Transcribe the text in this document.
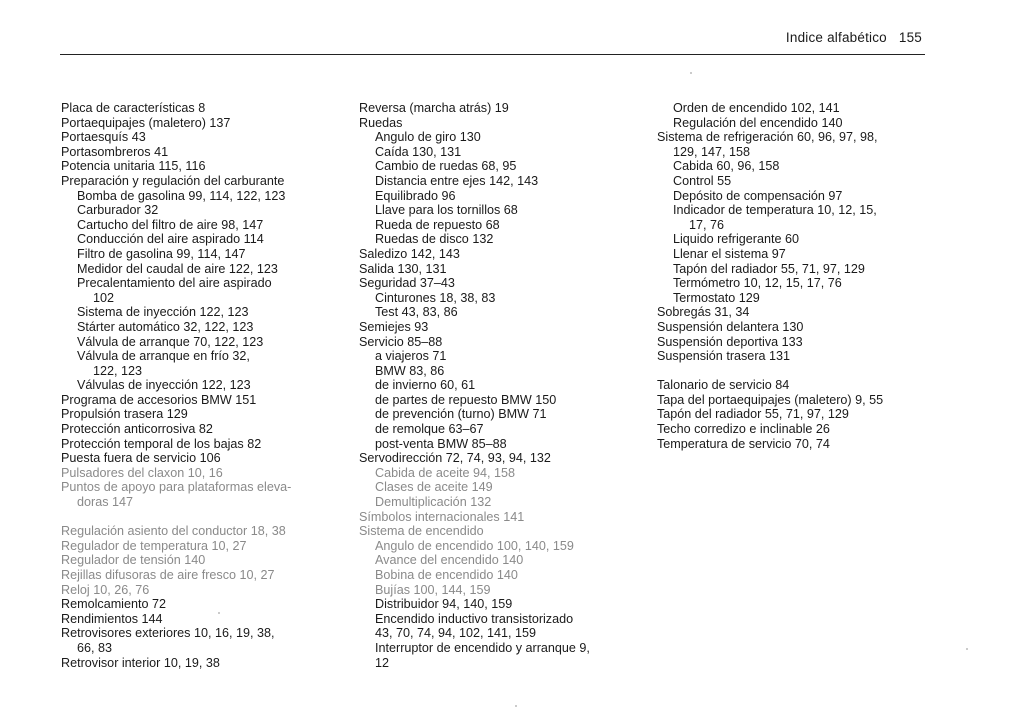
Indice alfabético 155
Placa de características 8
Portaequipajes (maletero) 137
Portaesquís 43
Portasombreros 41
Potencia unitaria 115, 116
Preparación y regulación del carburante
Bomba de gasolina 99, 114, 122, 123
Carburador 32
Cartucho del filtro de aire 98, 147
Conducción del aire aspirado 114
Filtro de gasolina 99, 114, 147
Medidor del caudal de aire 122, 123
Precalentamiento del aire aspirado
102
Sistema de inyección 122, 123
Stárter automático 32, 122, 123
Válvula de arranque 70, 122, 123
Válvula de arranque en frío 32,
122, 123
Válvulas de inyección 122, 123
Programa de accesorios BMW 151
Propulsión trasera 129
Protección anticorrosiva 82
Protección temporal de los bajas 82
Puesta fuera de servicio 106
Pulsadores del claxon 10, 16
Puntos de apoyo para plataformas eleva-
doras 147
Regulación asiento del conductor 18, 38
Regulador de temperatura 10, 27
Regulador de tensión 140
Rejillas difusoras de aire fresco 10, 27
Reloj 10, 26, 76
Remolcamiento 72
Rendimientos 144
Retrovisores exteriores 10, 16, 19, 38,
66, 83
Retrovisor interior 10, 19, 38
Reversa (marcha atrás) 19
Ruedas
Angulo de giro 130
Caída 130, 131
Cambio de ruedas 68, 95
Distancia entre ejes 142, 143
Equilibrado 96
Llave para los tornillos 68
Rueda de repuesto 68
Ruedas de disco 132
Saledizo 142, 143
Salida 130, 131
Seguridad 37–43
Cinturones 18, 38, 83
Test 43, 83, 86
Semiejes 93
Servicio 85–88
a viajeros 71
BMW 83, 86
de invierno 60, 61
de partes de repuesto BMW 150
de prevención (turno) BMW 71
de remolque 63–67
post-venta BMW 85–88
Servodirección 72, 74, 93, 94, 132
Cabida de aceite 94, 158
Clases de aceite 149
Demultiplicación 132
Símbolos internacionales 141
Sistema de encendido
Angulo de encendido 100, 140, 159
Avance del encendido 140
Bobina de encendido 140
Bujías 100, 144, 159
Distribuidor 94, 140, 159
Encendido inductivo transistorizado
43, 70, 74, 94, 102, 141, 159
Interruptor de encendido y arranque 9,
12
Orden de encendido 102, 141
Regulación del encendido 140
Sistema de refrigeración 60, 96, 97, 98,
129, 147, 158
Cabida 60, 96, 158
Control 55
Depósito de compensación 97
Indicador de temperatura 10, 12, 15,
17, 76
Liquido refrigerante 60
Llenar el sistema 97
Tapón del radiador 55, 71, 97, 129
Termómetro 10, 12, 15, 17, 76
Termostato 129
Sobregás 31, 34
Suspensión delantera 130
Suspensión deportiva 133
Suspensión trasera 131
Talonario de servicio 84
Tapa del portaequipajes (maletero) 9, 55
Tapón del radiador 55, 71, 97, 129
Techo corredizo e inclinable 26
Temperatura de servicio 70, 74
